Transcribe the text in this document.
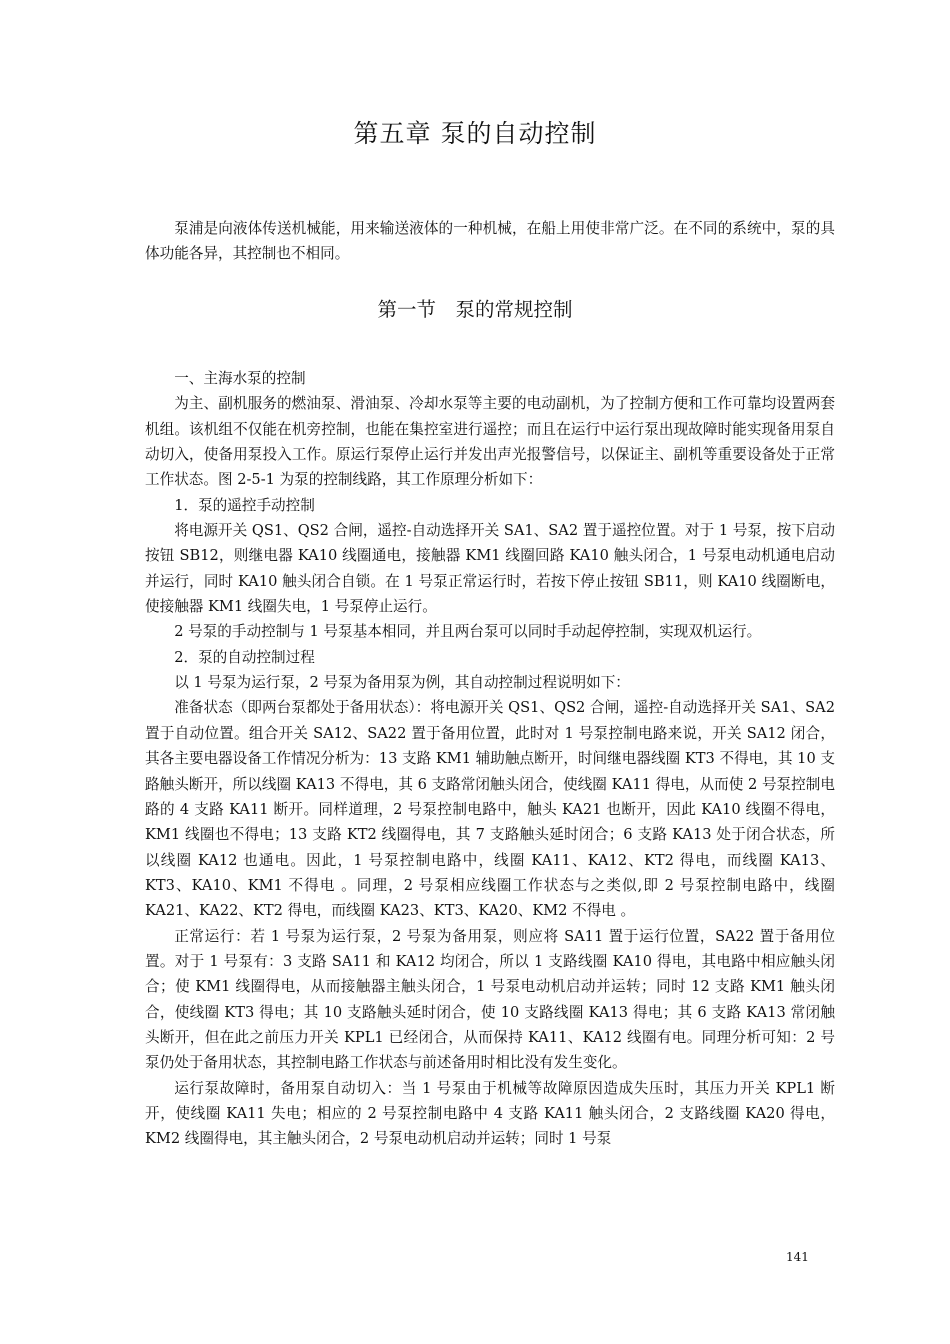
第五章 泵的自动控制

泵浦是向液体传送机械能，用来输送液体的一种机械，在船上用使非常广泛。在不同的系统中，泵的具体功能各异，其控制也不相同。

第一节　泵的常规控制

一、主海水泵的控制

为主、副机服务的燃油泵、滑油泵、冷却水泵等主要的电动副机，为了控制方便和工作可靠均设置两套机组。该机组不仅能在机旁控制，也能在集控室进行遥控；而且在运行中运行泵出现故障时能实现备用泵自动切入，使备用泵投入工作。原运行泵停止运行并发出声光报警信号，以保证主、副机等重要设备处于正常工作状态。图 2-5-1 为泵的控制线路，其工作原理分析如下：

1．泵的遥控手动控制

将电源开关 QS1、QS2 合闸，遥控-自动选择开关 SA1、SA2 置于遥控位置。对于 1 号泵，按下启动按钮 SB12，则继电器 KA10 线圈通电，接触器 KM1 线圈回路 KA10 触头闭合，1 号泵电动机通电启动并运行，同时 KA10 触头闭合自锁。在 1 号泵正常运行时，若按下停止按钮 SB11，则 KA10 线圈断电，使接触器 KM1 线圈失电，1 号泵停止运行。

2 号泵的手动控制与 1 号泵基本相同，并且两台泵可以同时手动起停控制，实现双机运行。

2．泵的自动控制过程

以 1 号泵为运行泵，2 号泵为备用泵为例，其自动控制过程说明如下：

准备状态（即两台泵都处于备用状态）：将电源开关 QS1、QS2 合闸，遥控-自动选择开关 SA1、SA2 置于自动位置。组合开关 SA12、SA22 置于备用位置，此时对 1 号泵控制电路来说，开关 SA12 闭合，其各主要电器设备工作情况分析为：13 支路 KM1 辅助触点断开，时间继电器线圈 KT3 不得电，其 10 支路触头断开，所以线圈 KA13 不得电，其 6 支路常闭触头闭合，使线圈 KA11 得电，从而使 2 号泵控制电路的 4 支路 KA11 断开。同样道理，2 号泵控制电路中，触头 KA21 也断开，因此 KA10 线圈不得电，KM1 线圈也不得电；13 支路 KT2 线圈得电，其 7 支路触头延时闭合；6 支路 KA13 处于闭合状态，所以线圈 KA12 也通电。因此，1 号泵控制电路中，线圈 KA11、KA12、KT2 得电，而线圈 KA13、KT3、KA10、KM1 不得电 。同理，2 号泵相应线圈工作状态与之类似,即 2 号泵控制电路中，线圈 KA21、KA22、KT2 得电，而线圈 KA23、KT3、KA20、KM2 不得电 。

正常运行：若 1 号泵为运行泵，2 号泵为备用泵，则应将 SA11 置于运行位置，SA22 置于备用位置。对于 1 号泵有：3 支路 SA11 和 KA12 均闭合，所以 1 支路线圈 KA10 得电，其电路中相应触头闭合；使 KM1 线圈得电，从而接触器主触头闭合，1 号泵电动机启动并运转；同时 12 支路 KM1 触头闭合，使线圈 KT3 得电；其 10 支路触头延时闭合，使 10 支路线圈 KA13 得电；其 6 支路 KA13 常闭触头断开，但在此之前压力开关 KPL1 已经闭合，从而保持 KA11、KA12 线圈有电。同理分析可知：2 号泵仍处于备用状态，其控制电路工作状态与前述备用时相比没有发生变化。

运行泵故障时，备用泵自动切入：当 1 号泵由于机械等故障原因造成失压时，其压力开关 KPL1 断开，使线圈 KA11 失电；相应的 2 号泵控制电路中 4 支路 KA11 触头闭合，2 支路线圈 KA20 得电，KM2 线圈得电，其主触头闭合，2 号泵电动机启动并运转；同时 1 号泵

141
